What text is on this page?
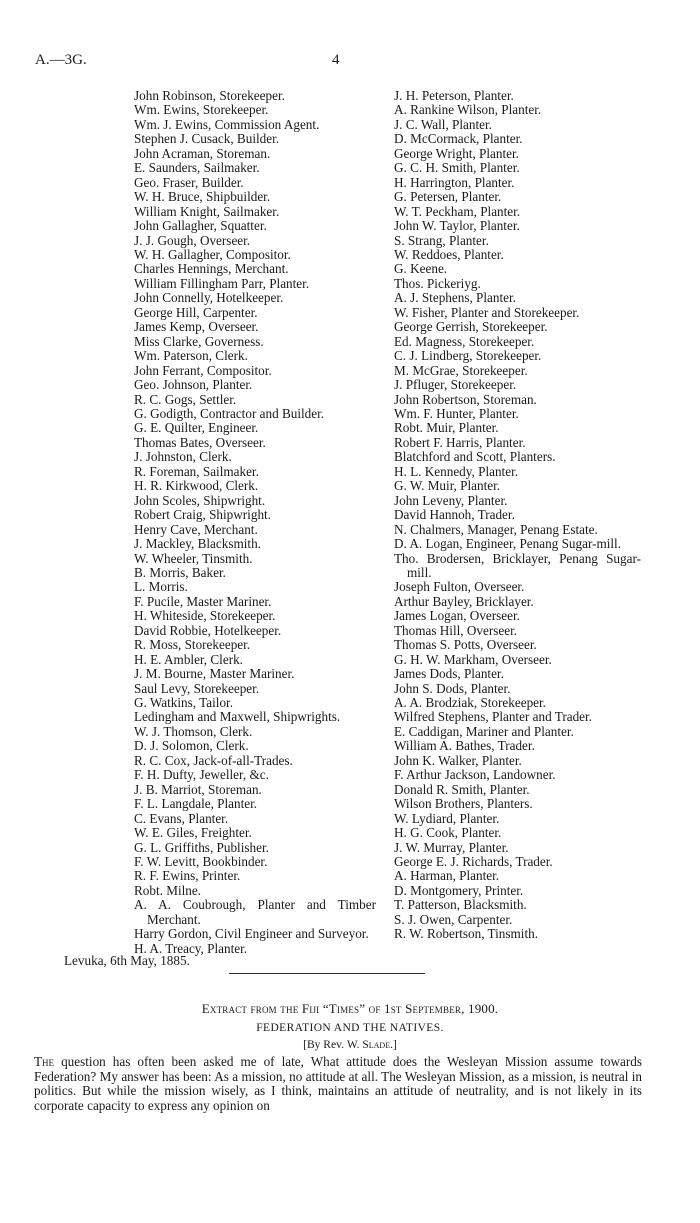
A.—3G.	4
John Robinson, Storekeeper.
Wm. Ewins, Storekeeper.
Wm. J. Ewins, Commission Agent.
Stephen J. Cusack, Builder.
John Acraman, Storeman.
E. Saunders, Sailmaker.
Geo. Fraser, Builder.
W. H. Bruce, Shipbuilder.
William Knight, Sailmaker.
John Gallagher, Squatter.
J. J. Gough, Overseer.
W. H. Gallagher, Compositor.
Charles Hennings, Merchant.
William Fillingham Parr, Planter.
John Connelly, Hotelkeeper.
George Hill, Carpenter.
James Kemp, Overseer.
Miss Clarke, Governess.
Wm. Paterson, Clerk.
John Ferrant, Compositor.
Geo. Johnson, Planter.
R. C. Gogs, Settler.
G. Godigth, Contractor and Builder.
G. E. Quilter, Engineer.
Thomas Bates, Overseer.
J. Johnston, Clerk.
R. Foreman, Sailmaker.
H. R. Kirkwood, Clerk.
John Scoles, Shipwright.
Robert Craig, Shipwright.
Henry Cave, Merchant.
J. Mackley, Blacksmith.
W. Wheeler, Tinsmith.
B. Morris, Baker.
L. Morris.
F. Pucile, Master Mariner.
H. Whiteside, Storekeeper.
David Robbie, Hotelkeeper.
R. Moss, Storekeeper.
H. E. Ambler, Clerk.
J. M. Bourne, Master Mariner.
Saul Levy, Storekeeper.
G. Watkins, Tailor.
Ledingham and Maxwell, Shipwrights.
W. J. Thomson, Clerk.
D. J. Solomon, Clerk.
R. C. Cox, Jack-of-all-Trades.
F. H. Dufty, Jeweller, &c.
J. B. Marriot, Storeman.
F. L. Langdale, Planter.
C. Evans, Planter.
W. E. Giles, Freighter.
G. L. Griffiths, Publisher.
F. W. Levitt, Bookbinder.
R. F. Ewins, Printer.
Robt. Milne.
A. A. Coubrough, Planter and Timber Merchant.
Harry Gordon, Civil Engineer and Surveyor.
H. A. Treacy, Planter.
J. H. Peterson, Planter.
A. Rankine Wilson, Planter.
J. C. Wall, Planter.
D. McCormack, Planter.
George Wright, Planter.
G. C. H. Smith, Planter.
H. Harrington, Planter.
G. Petersen, Planter.
W. T. Peckham, Planter.
John W. Taylor, Planter.
S. Strang, Planter.
W. Reddoes, Planter.
G. Keene.
Thos. Pickeriyg.
A. J. Stephens, Planter.
W. Fisher, Planter and Storekeeper.
George Gerrish, Storekeeper.
Ed. Magness, Storekeeper.
C. J. Lindberg, Storekeeper.
M. McGrae, Storekeeper.
J. Pfluger, Storekeeper.
John Robertson, Storeman.
Wm. F. Hunter, Planter.
Robt. Muir, Planter.
Robert F. Harris, Planter.
Blatchford and Scott, Planters.
H. L. Kennedy, Planter.
G. W. Muir, Planter.
John Leveny, Planter.
David Hannoh, Trader.
N. Chalmers, Manager, Penang Estate.
D. A. Logan, Engineer, Penang Sugar-mill.
Tho. Brodersen, Bricklayer, Penang Sugar-mill.
Joseph Fulton, Overseer.
Arthur Bayley, Bricklayer.
James Logan, Overseer.
Thomas Hill, Overseer.
Thomas S. Potts, Overseer.
G. H. W. Markham, Overseer.
James Dods, Planter.
John S. Dods, Planter.
A. A. Brodziak, Storekeeper.
Wilfred Stephens, Planter and Trader.
E. Caddigan, Mariner and Planter.
William A. Bathes, Trader.
John K. Walker, Planter.
F. Arthur Jackson, Landowner.
Donald R. Smith, Planter.
Wilson Brothers, Planters.
W. Lydiard, Planter.
H. G. Cook, Planter.
J. W. Murray, Planter.
George E. J. Richards, Trader.
A. Harman, Planter.
D. Montgomery, Printer.
T. Patterson, Blacksmith.
S. J. Owen, Carpenter.
R. W. Robertson, Tinsmith.
Levuka, 6th May, 1885.
Extract from the Fiji “Times” of 1st September, 1900.
FEDERATION AND THE NATIVES.
[By Rev. W. Slade.]
The question has often been asked me of late, What attitude does the Wesleyan Mission assume towards Federation? My answer has been: As a mission, no attitude at all. The Wesleyan Mission, as a mission, is neutral in politics. But while the mission wisely, as I think, maintains an attitude of neutrality, and is not likely in its corporate capacity to express any opinion on
